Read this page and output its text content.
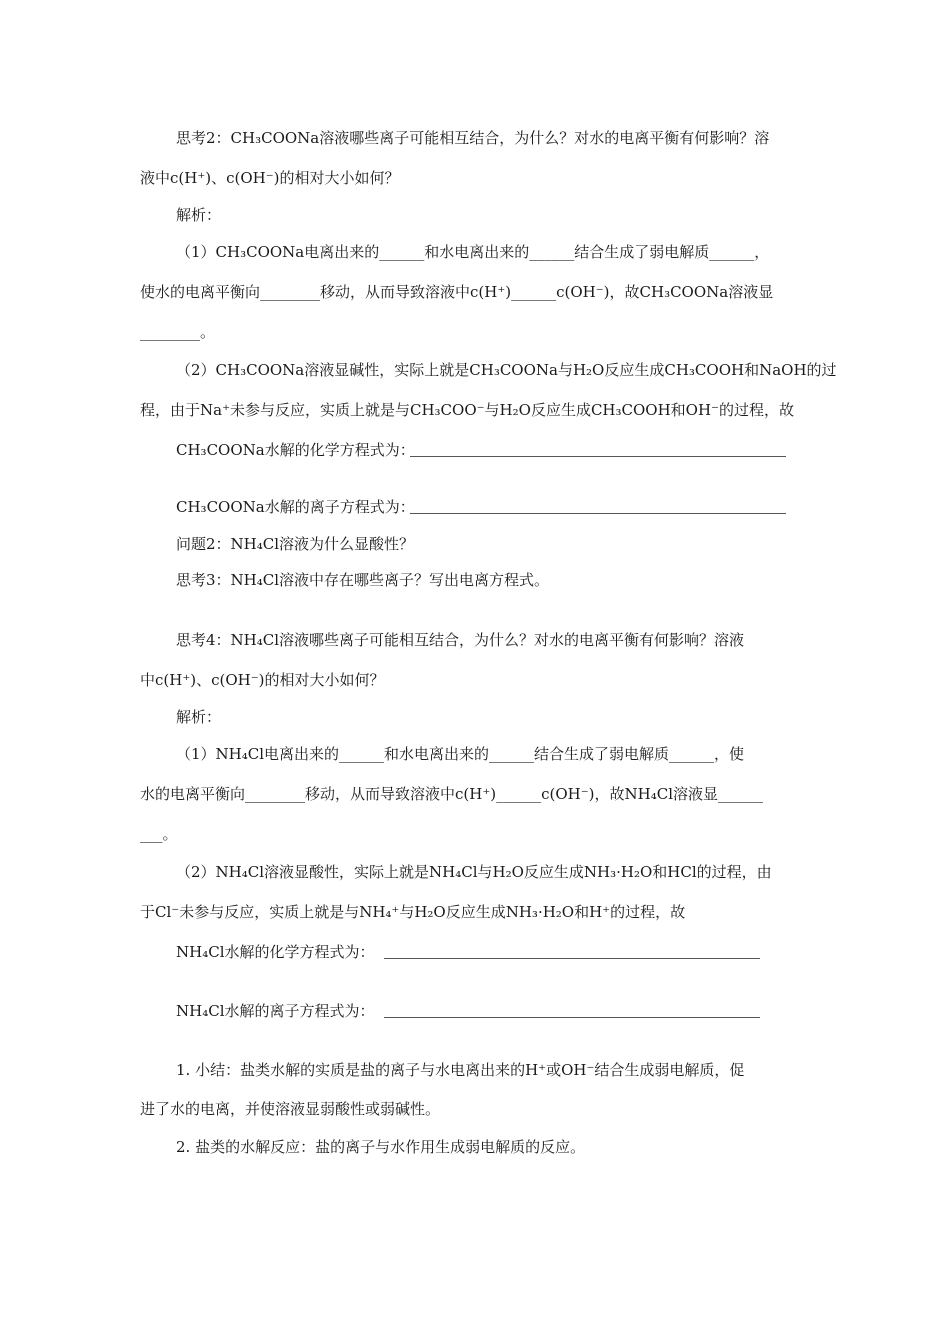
思考2：CH₃COONa溶液哪些离子可能相互结合，为什么？对水的电离平衡有何影响？溶
液中c(H⁺)、c(OH⁻)的相对大小如何？
解析：
（1）CH₃COONa电离出来的______和水电离出来的______结合生成了弱电解质______，
使水的电离平衡向________移动，从而导致溶液中c(H⁺)______c(OH⁻)，故CH₃COONa溶液显
________。
（2）CH₃COONa溶液显碱性，实际上就是CH₃COONa与H₂O反应生成CH₃COOH和NaOH的过
程，由于Na⁺未参与反应，实质上就是与CH₃COO⁻与H₂O反应生成CH₃COOH和OH⁻的过程，故
CH₃COONa水解的化学方程式为：
CH₃COONa水解的离子方程式为：
问题2：NH₄Cl溶液为什么显酸性？
思考3：NH₄Cl溶液中存在哪些离子？写出电离方程式。
思考4：NH₄Cl溶液哪些离子可能相互结合，为什么？对水的电离平衡有何影响？溶液
中c(H⁺)、c(OH⁻)的相对大小如何？
解析：
（1）NH₄Cl电离出来的______和水电离出来的______结合生成了弱电解质______，使
水的电离平衡向________移动，从而导致溶液中c(H⁺)______c(OH⁻)，故NH₄Cl溶液显______
___。
（2）NH₄Cl溶液显酸性，实际上就是NH₄Cl与H₂O反应生成NH₃·H₂O和HCl的过程，由
于Cl⁻未参与反应，实质上就是与NH₄⁺与H₂O反应生成NH₃·H₂O和H⁺的过程，故
NH₄Cl水解的化学方程式为：
NH₄Cl水解的离子方程式为：
1. 小结：盐类水解的实质是盐的离子与水电离出来的H⁺或OH⁻结合生成弱电解质，促
进了水的电离，并使溶液显弱酸性或弱碱性。
2. 盐类的水解反应：盐的离子与水作用生成弱电解质的反应。
